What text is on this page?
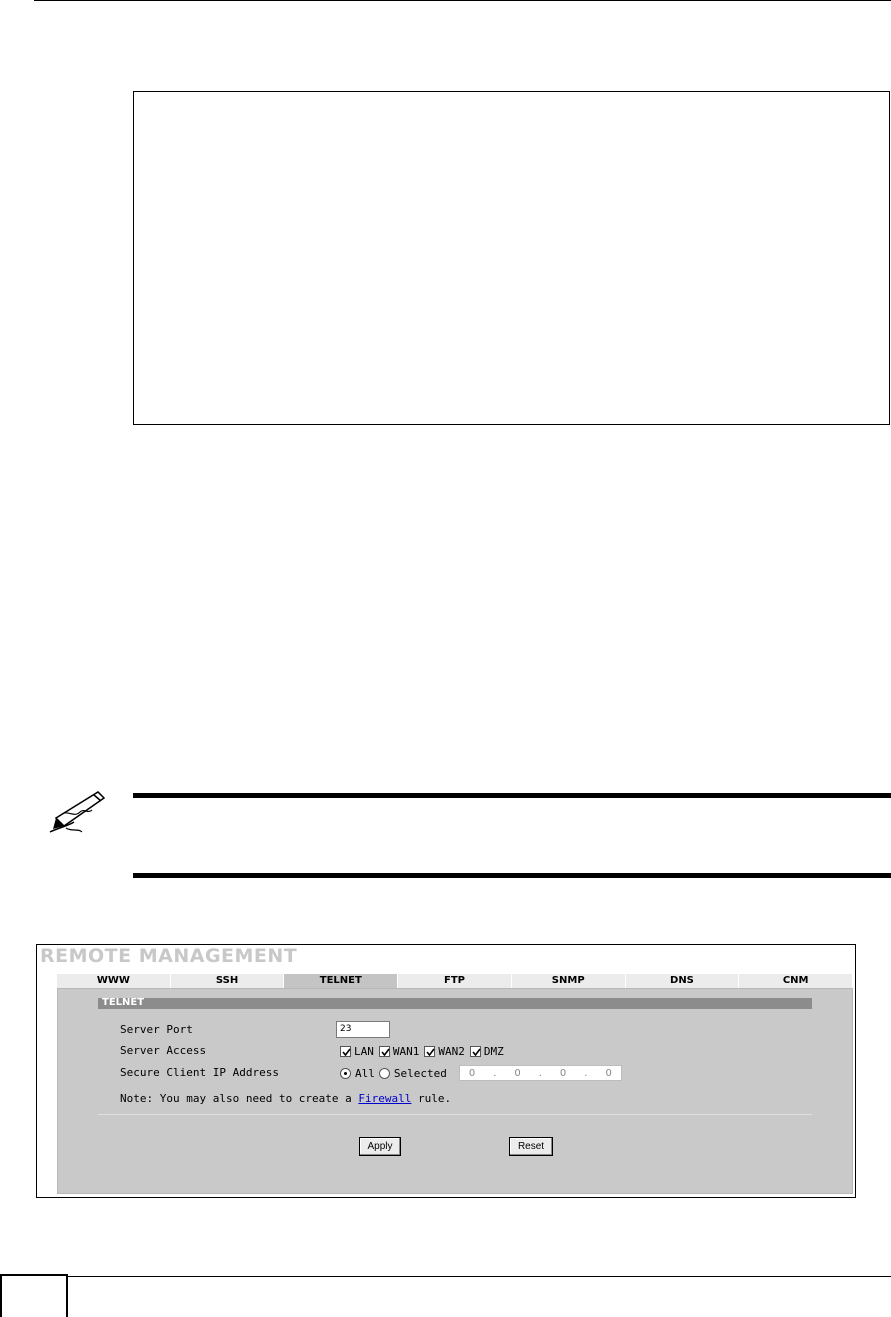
REMOTE MANAGEMENT
WWW	SSH	TELNET	FTP	SNMP	DNS	CNM
TELNET
Server Port	23
Server Access	LAN WAN1 WAN2 DMZ
Secure Client IP Address	All Selected 0 . 0 . 0 . 0
Note: You may also need to create a Firewall rule.
Apply	Reset
